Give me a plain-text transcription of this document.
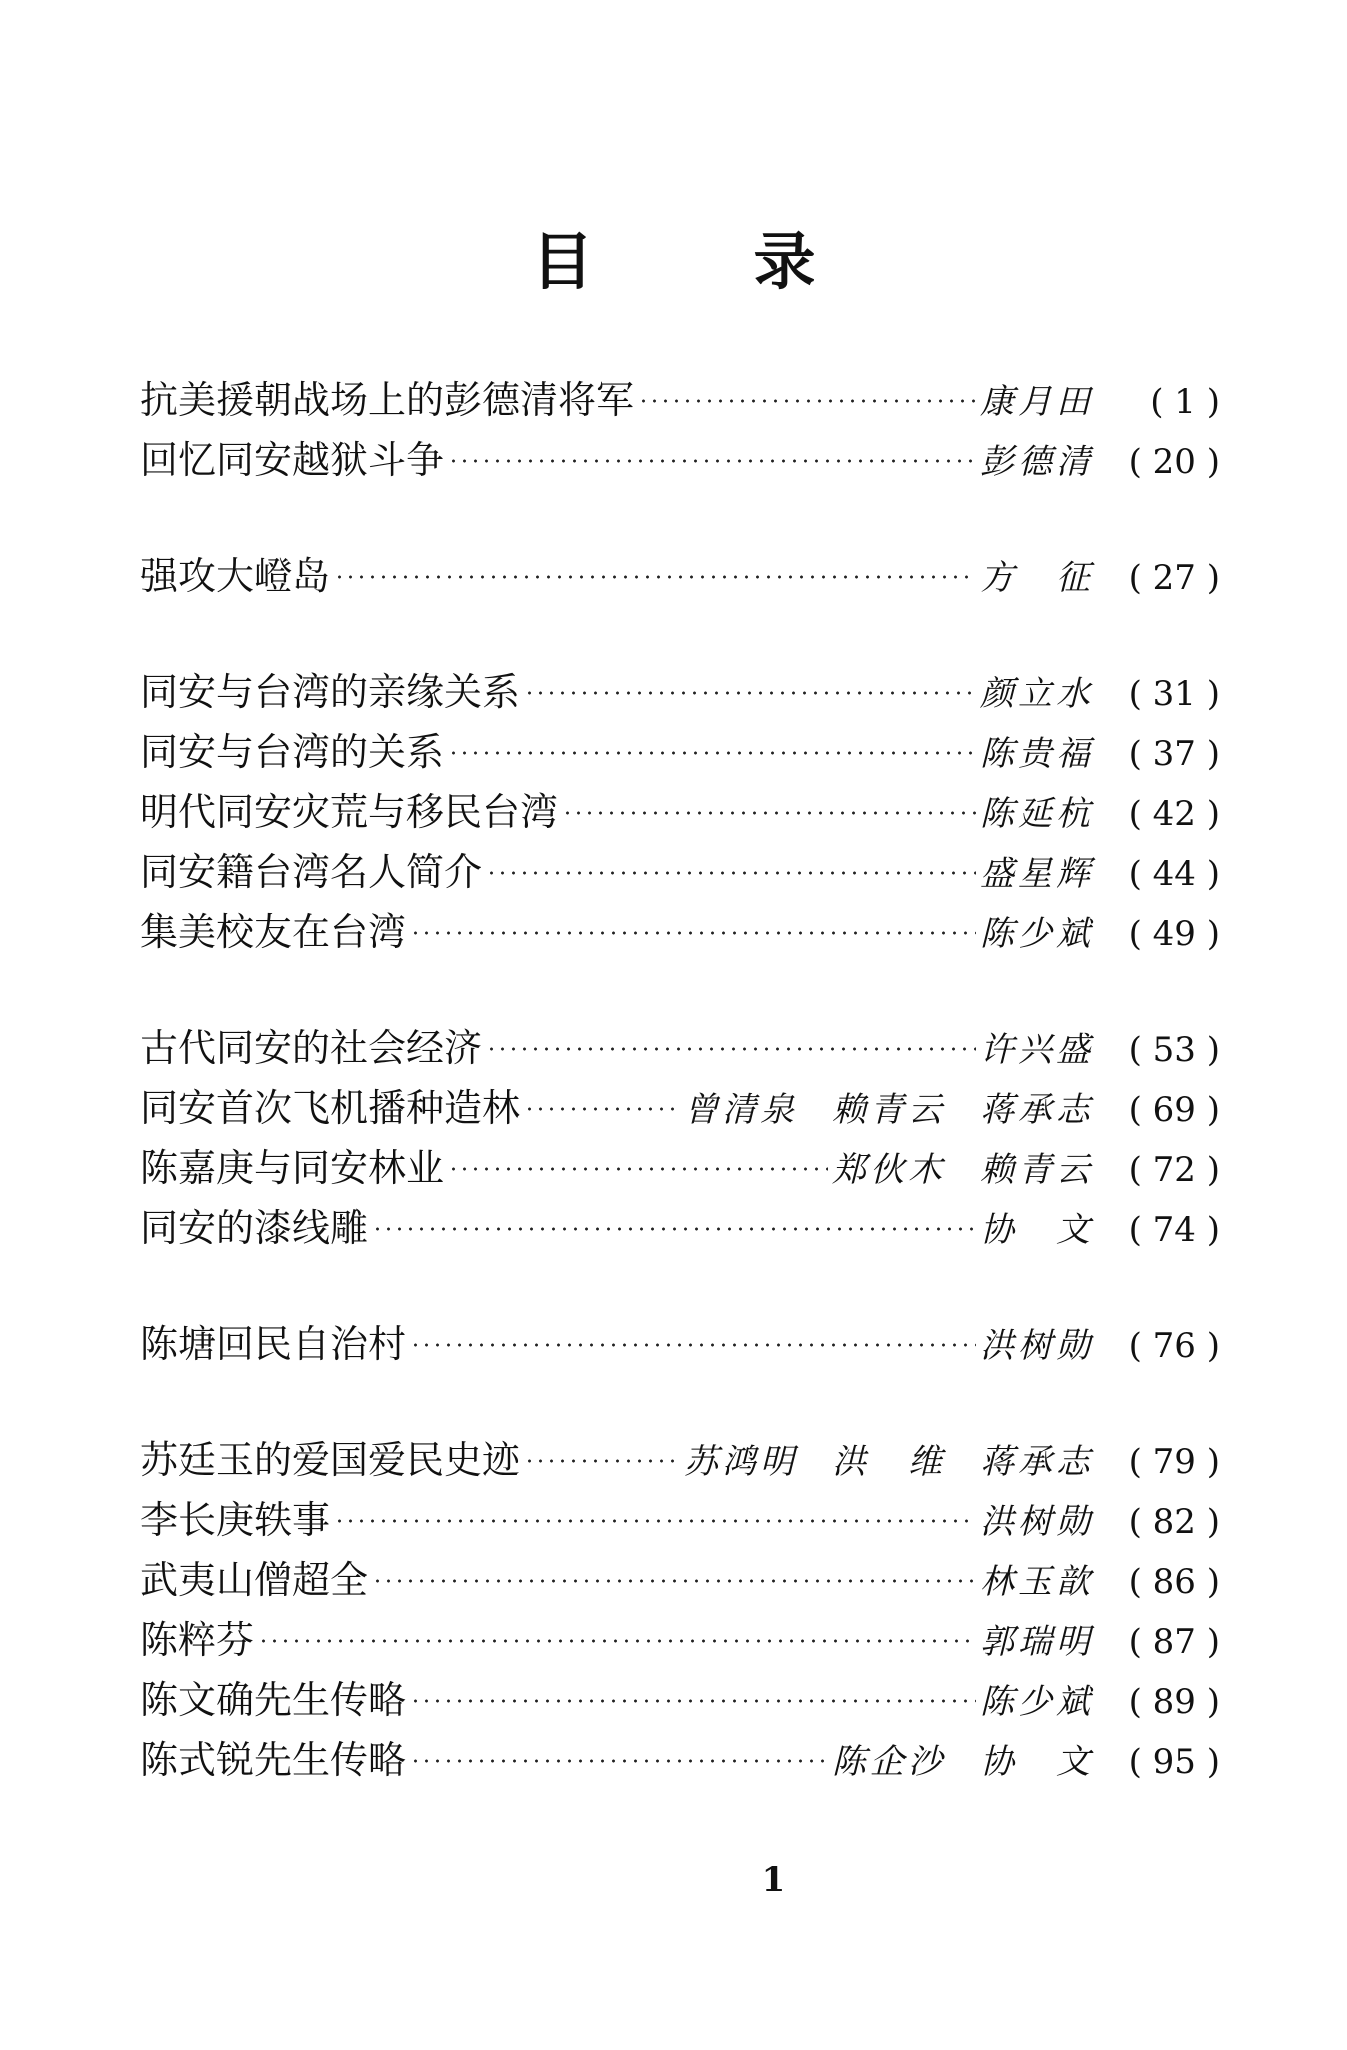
目	录
抗美援朝战场上的彭德清将军	康月田	( 1 )
回忆同安越狱斗争	彭德清	( 20 )
强攻大嶝岛	方　征	( 27 )
同安与台湾的亲缘关系	颜立水	( 31 )
同安与台湾的关系	陈贵福	( 37 )
明代同安灾荒与移民台湾	陈延杭	( 42 )
同安籍台湾名人简介	盛星辉	( 44 )
集美校友在台湾	陈少斌	( 49 )
古代同安的社会经济	许兴盛	( 53 )
同安首次飞机播种造林	曾清泉 赖青云 蒋承志	( 69 )
陈嘉庚与同安林业	郑伙木 赖青云	( 72 )
同安的漆线雕	协　文	( 74 )
陈塘回民自治村	洪树勋	( 76 )
苏廷玉的爱国爱民史迹	苏鸿明 洪　维 蒋承志	( 79 )
李长庚轶事	洪树勋	( 82 )
武夷山僧超全	林玉歆	( 86 )
陈粹芬	郭瑞明	( 87 )
陈文确先生传略	陈少斌	( 89 )
陈式锐先生传略	陈企沙 协　文	( 95 )
1
